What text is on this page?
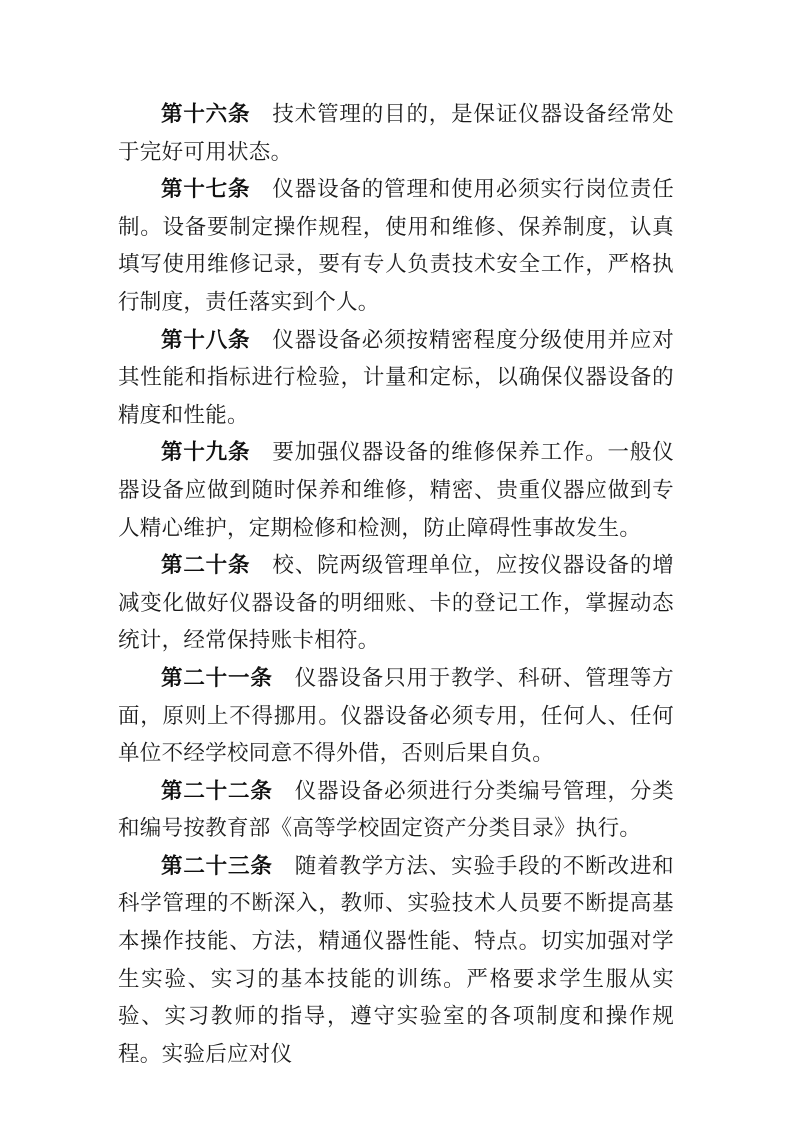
第十六条 技术管理的目的，是保证仪器设备经常处于完好可用状态。

第十七条 仪器设备的管理和使用必须实行岗位责任制。设备要制定操作规程，使用和维修、保养制度，认真填写使用维修记录，要有专人负责技术安全工作，严格执行制度，责任落实到个人。

第十八条 仪器设备必须按精密程度分级使用并应对其性能和指标进行检验，计量和定标，以确保仪器设备的精度和性能。

第十九条 要加强仪器设备的维修保养工作。一般仪器设备应做到随时保养和维修，精密、贵重仪器应做到专人精心维护，定期检修和检测，防止障碍性事故发生。

第二十条 校、院两级管理单位，应按仪器设备的增减变化做好仪器设备的明细账、卡的登记工作，掌握动态统计，经常保持账卡相符。

第二十一条 仪器设备只用于教学、科研、管理等方面，原则上不得挪用。仪器设备必须专用，任何人、任何单位不经学校同意不得外借，否则后果自负。

第二十二条 仪器设备必须进行分类编号管理，分类和编号按教育部《高等学校固定资产分类目录》执行。

第二十三条 随着教学方法、实验手段的不断改进和科学管理的不断深入，教师、实验技术人员要不断提高基本操作技能、方法，精通仪器性能、特点。切实加强对学生实验、实习的基本技能的训练。严格要求学生服从实验、实习教师的指导，遵守实验室的各项制度和操作规程。实验后应对仪
